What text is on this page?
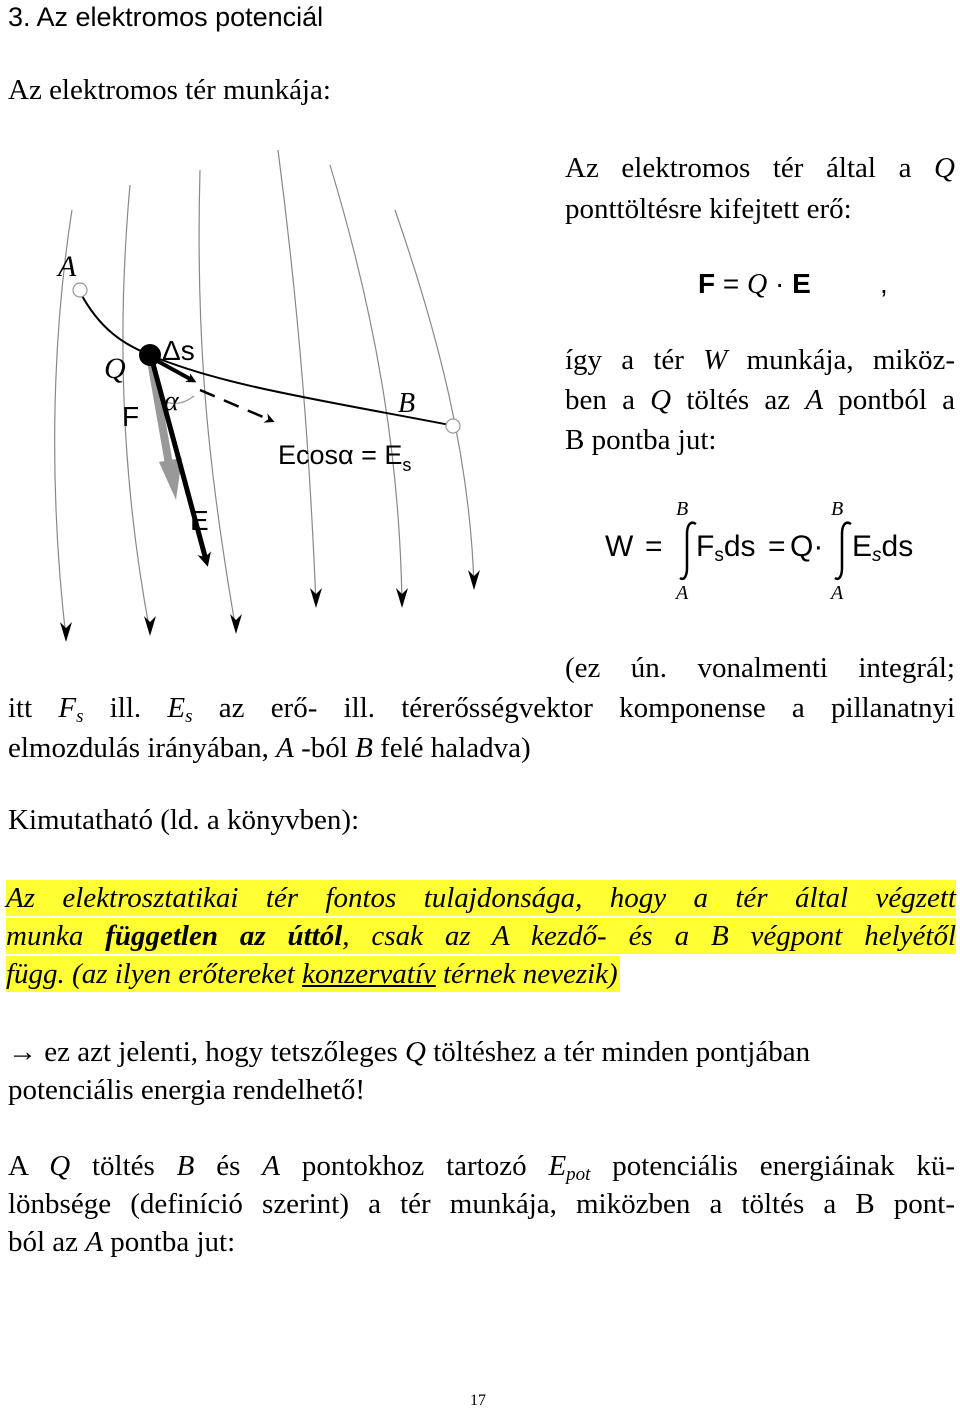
3. Az elektromos potenciál
Az elektromos tér munkája:
A
Q
Δs
α
F	B
$Ecos\alpha = E_s$
E
Az elektromos tér által a Q
ponttöltésre kifejtett erő:
F = Q · E ,
így a tér W munkája, miköz-
ben a Q töltés az A pontból a
B pontba jut:
W =
B
A
Fsds = Q·
B
A
$E_sds$
(ez ún. vonalmenti integrál;
itt $F_s$ ill. $E_s$ az erő- ill. térerősségvektor komponense a pillanatnyi
elmozdulás irányában, A -ból B felé haladva)
Kimutatható (ld. a könyvben):
Az elektrosztatikai tér fontos tulajdonsága, hogy a tér által végzett
munka független az úttól, csak az A kezdő- és a B végpont helyétől
függ. (az ilyen erőtereket konzervatív térnek nevezik)
→ ez azt jelenti, hogy tetszőleges Q töltéshez a tér minden pontjában
potenciális energia rendelhető!
A Q töltés B és A pontokhoz tartozó $E_{pot}$ potenciális energiáinak kü-
lönbsége (definíció szerint) a tér munkája, miközben a töltés a B pont-
ból az A pontba jut:
17
